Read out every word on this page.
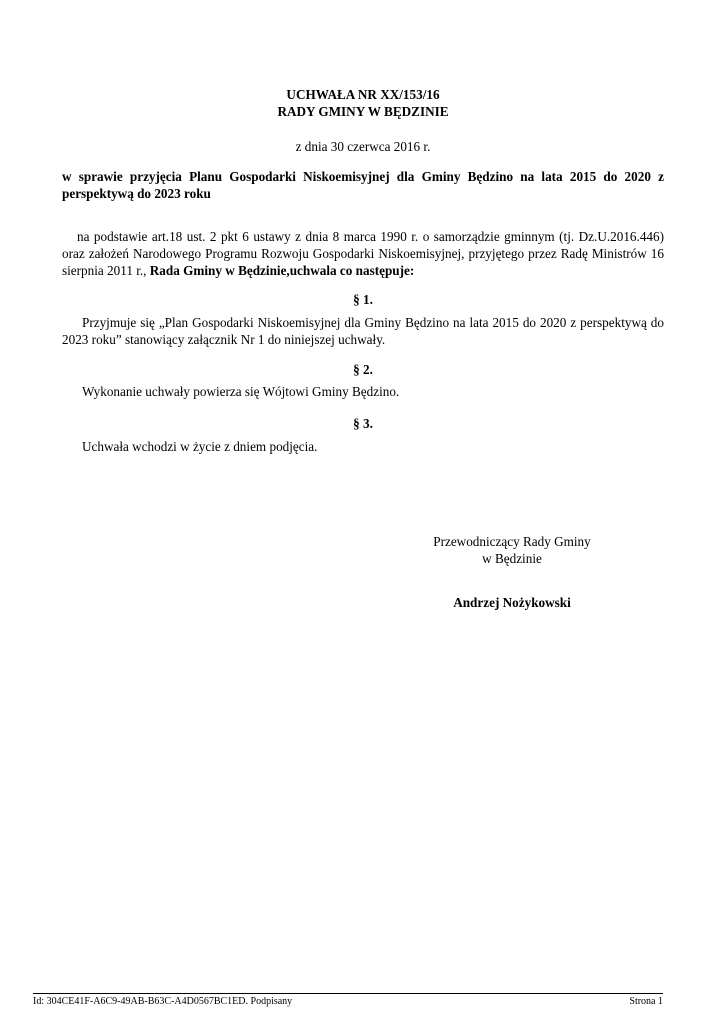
UCHWAŁA NR XX/153/16
RADY GMINY W BĘDZINIE
z dnia 30 czerwca 2016 r.
w sprawie przyjęcia Planu Gospodarki Niskoemisyjnej dla Gminy Będzino na lata 2015 do 2020 z perspektywą do 2023 roku
na podstawie art.18 ust. 2 pkt 6 ustawy z dnia 8 marca 1990 r. o samorządzie gminnym (tj. Dz.U.2016.446) oraz założeń Narodowego Programu Rozwoju Gospodarki Niskoemisyjnej, przyjętego przez Radę Ministrów 16 sierpnia 2011 r., Rada Gminy w Będzinie,uchwala co następuje:
§ 1.
Przyjmuje się „Plan Gospodarki Niskoemisyjnej dla Gminy Będzino na lata 2015 do 2020 z perspektywą do 2023 roku” stanowiący załącznik Nr 1 do niniejszej uchwały.
§ 2.
Wykonanie uchwały powierza się Wójtowi Gminy Będzino.
§ 3.
Uchwała wchodzi w życie z dniem podjęcia.
Przewodniczący Rady Gminy
w Będzinie
Andrzej Nożykowski
Id: 304CE41F-A6C9-49AB-B63C-A4D0567BC1ED. Podpisany	Strona 1
